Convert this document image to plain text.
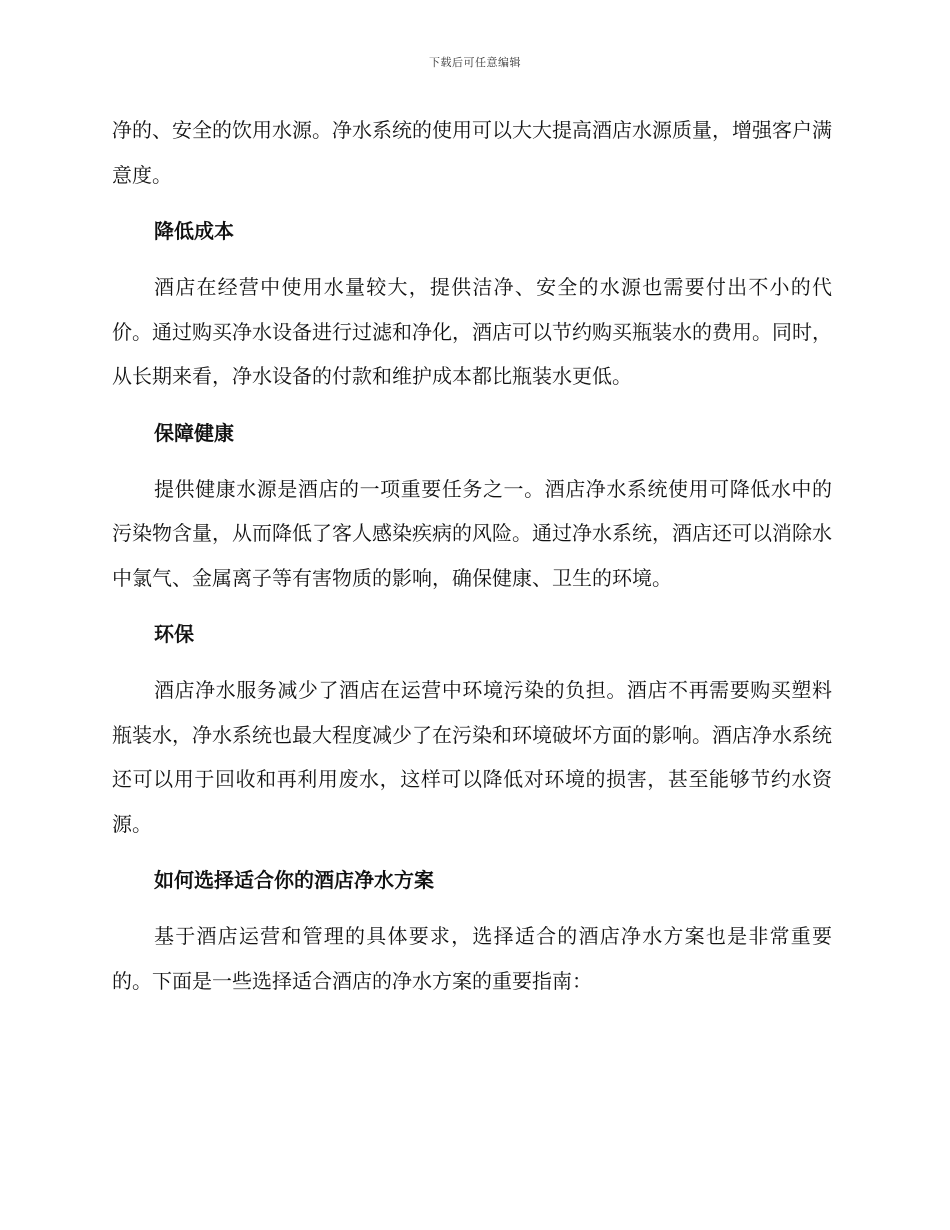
下载后可任意编辑

净的、安全的饮用水源。净水系统的使用可以大大提高酒店水源质量，增强客户满意度。

降低成本

酒店在经营中使用水量较大，提供洁净、安全的水源也需要付出不小的代价。通过购买净水设备进行过滤和净化，酒店可以节约购买瓶装水的费用。同时，从长期来看，净水设备的付款和维护成本都比瓶装水更低。

保障健康

提供健康水源是酒店的一项重要任务之一。酒店净水系统使用可降低水中的污染物含量，从而降低了客人感染疾病的风险。通过净水系统，酒店还可以消除水中氯气、金属离子等有害物质的影响，确保健康、卫生的环境。

环保

酒店净水服务减少了酒店在运营中环境污染的负担。酒店不再需要购买塑料瓶装水，净水系统也最大程度减少了在污染和环境破坏方面的影响。酒店净水系统还可以用于回收和再利用废水，这样可以降低对环境的损害，甚至能够节约水资源。

如何选择适合你的酒店净水方案

基于酒店运营和管理的具体要求，选择适合的酒店净水方案也是非常重要的。下面是一些选择适合酒店的净水方案的重要指南：
